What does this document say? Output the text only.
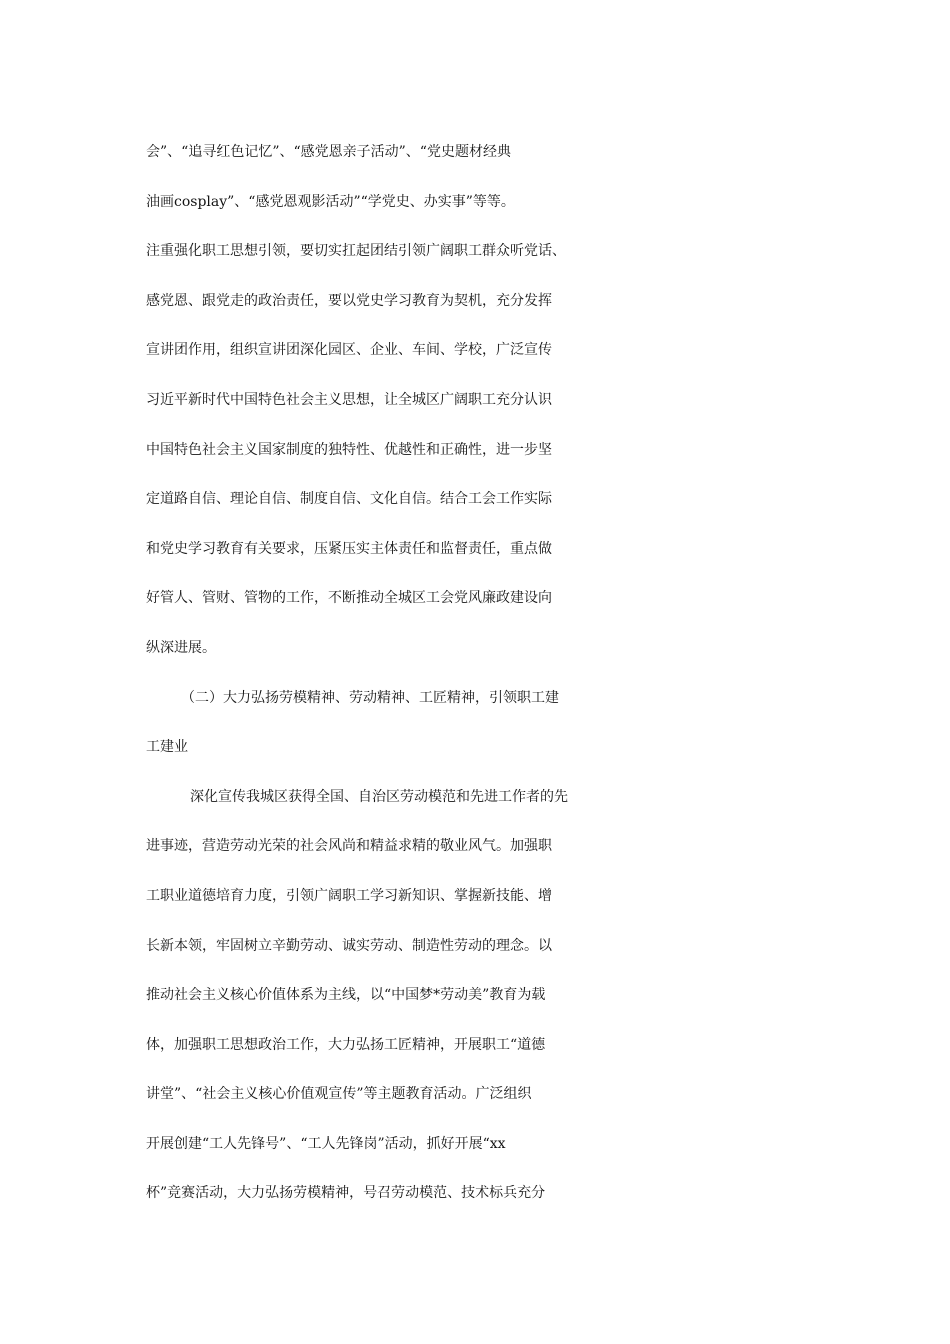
会”、“追寻红色记忆”、“感党恩亲子活动”、“党史题材经典
油画cosplay”、“感党恩观影活动”“学党史、办实事”等等。
注重强化职工思想引领，要切实扛起团结引领广阔职工群众听党话、
感党恩、跟党走的政治责任，要以党史学习教育为契机，充分发挥
宣讲团作用，组织宣讲团深化园区、企业、车间、学校，广泛宣传
习近平新时代中国特色社会主义思想，让全城区广阔职工充分认识
中国特色社会主义国家制度的独特性、优越性和正确性，进一步坚
定道路自信、理论自信、制度自信、文化自信。结合工会工作实际
和党史学习教育有关要求，压紧压实主体责任和监督责任，重点做
好管人、管财、管物的工作，不断推动全城区工会党风廉政建设向
纵深进展。
（二）大力弘扬劳模精神、劳动精神、工匠精神，引领职工建
工建业
深化宣传我城区获得全国、自治区劳动模范和先进工作者的先
进事迹，营造劳动光荣的社会风尚和精益求精的敬业风气。加强职
工职业道德培育力度，引领广阔职工学习新知识、掌握新技能、增
长新本领，牢固树立辛勤劳动、诚实劳动、制造性劳动的理念。以
推动社会主义核心价值体系为主线，以“中国梦*劳动美”教育为载
体，加强职工思想政治工作，大力弘扬工匠精神，开展职工“道德
讲堂”、“社会主义核心价值观宣传”等主题教育活动。广泛组织
开展创建“工人先锋号”、“工人先锋岗”活动，抓好开展“xx
杯”竞赛活动，大力弘扬劳模精神，号召劳动模范、技术标兵充分
